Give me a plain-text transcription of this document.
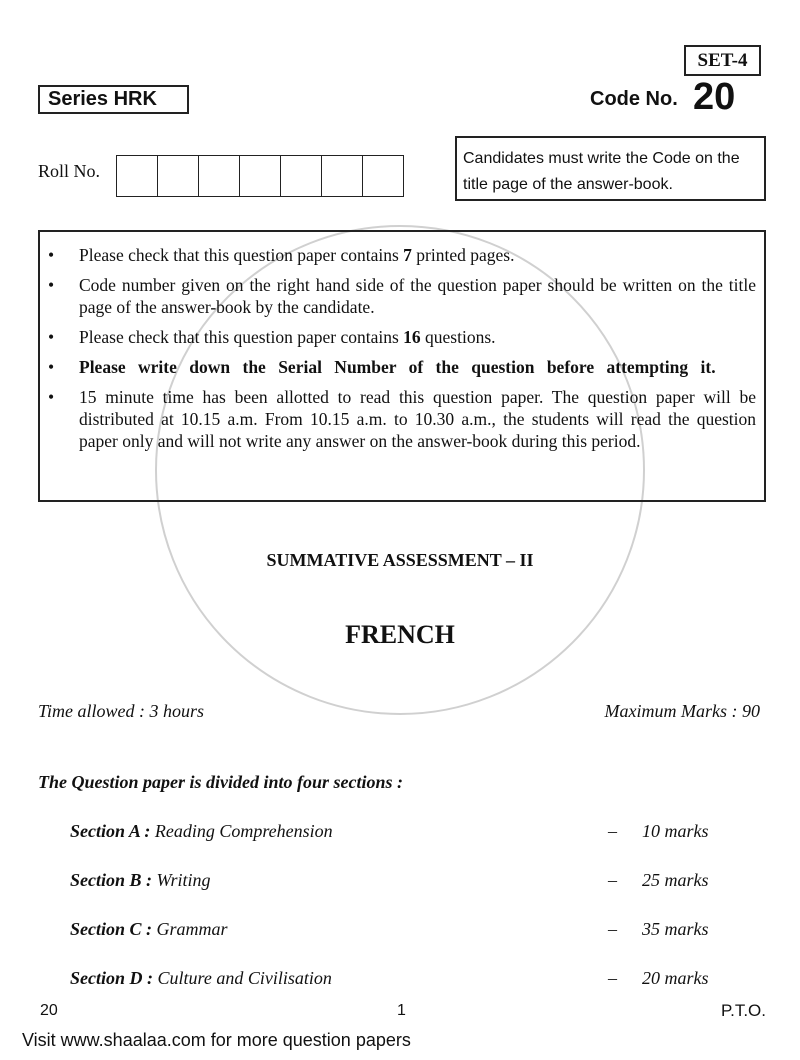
SET-4
Series HRK	Code No. 20
Roll No.
Candidates must write the Code on the
title page of the answer-book.
•	Please check that this question paper contains 7 printed pages.
•	Code number given on the right hand side of the question paper should be written on the title page of the answer-book by the candidate.
•	Please check that this question paper contains 16 questions.
•	Please write down the Serial Number of the question before attempting it.
•	15 minute time has been allotted to read this question paper. The question paper will be distributed at 10.15 a.m. From 10.15 a.m. to 10.30 a.m., the students will read the question paper only and will not write any answer on the answer-book during this period.
SUMMATIVE ASSESSMENT – II
FRENCH
Time allowed : 3 hours	Maximum Marks : 90
The Question paper is divided into four sections :
Section A : Reading Comprehension	– 10 marks
Section B : Writing	– 25 marks
Section C : Grammar	– 35 marks
Section D : Culture and Civilisation	– 20 marks
20	1	P.T.O.
Visit www.shaalaa.com for more question papers
